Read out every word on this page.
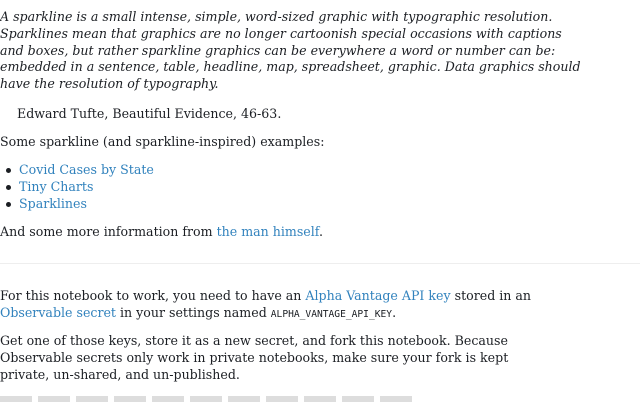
A sparkline is a small intense, simple, word-sized graphic with typographic resolution.
Sparklines mean that graphics are no longer cartoonish special occasions with captions
and boxes, but rather sparkline graphics can be everywhere a word or number can be:
embedded in a sentence, table, headline, map, spreadsheet, graphic. Data graphics should
have the resolution of typography.
Edward Tufte, Beautiful Evidence, 46-63.
Some sparkline (and sparkline-inspired) examples:
Covid Cases by State
Tiny Charts
Sparklines
And some more information from the man himself.
For this notebook to work, you need to have an Alpha Vantage API key stored in an
Observable secret in your settings named ALPHA_VANTAGE_API_KEY.
Get one of those keys, store it as a new secret, and fork this notebook. Because
Observable secrets only work in private notebooks, make sure your fork is kept
private, un-shared, and un-published.
